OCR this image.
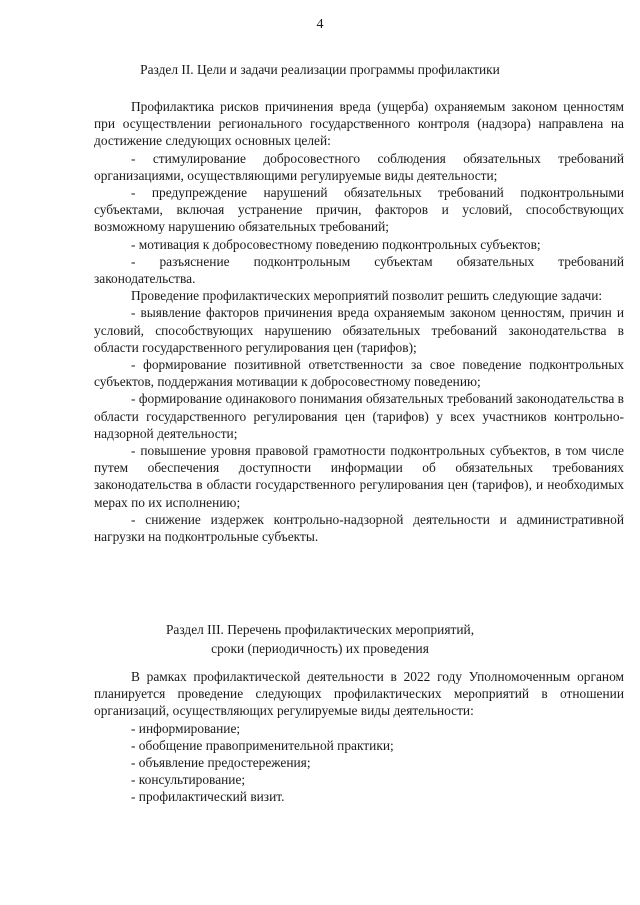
4
Раздел II. Цели и задачи реализации программы профилактики

Профилактика рисков причинения вреда (ущерба) охраняемым законом ценностям при осуществлении регионального государственного контроля (надзора) направлена на достижение следующих основных целей:

- стимулирование добросовестного соблюдения обязательных требований организациями, осуществляющими регулируемые виды деятельности;

- предупреждение нарушений обязательных требований подконтрольными субъектами, включая устранение причин, факторов и условий, способствующих возможному нарушению обязательных требований;

- мотивация к добросовестному поведению подконтрольных субъектов;

- разъяснение подконтрольным субъектам обязательных требований законодательства.

Проведение профилактических мероприятий позволит решить следующие задачи:

- выявление факторов причинения вреда охраняемым законом ценностям, причин и условий, способствующих нарушению обязательных требований законодательства в области государственного регулирования цен (тарифов);

- формирование позитивной ответственности за свое поведение подконтрольных субъектов, поддержания мотивации к добросовестному поведению;

- формирование одинакового понимания обязательных требований законодательства в области государственного регулирования цен (тарифов) у всех участников контрольно-надзорной деятельности;

- повышение уровня правовой грамотности подконтрольных субъектов, в том числе путем обеспечения доступности информации об обязательных требованиях законодательства в области государственного регулирования цен (тарифов), и необходимых мерах по их исполнению;

- снижение издержек контрольно-надзорной деятельности и административной нагрузки на подконтрольные субъекты.

Раздел III. Перечень профилактических мероприятий,
сроки (периодичность) их проведения

В рамках профилактической деятельности в 2022 году Уполномоченным органом планируется проведение следующих профилактических мероприятий в отношении организаций, осуществляющих регулируемые виды деятельности:

- информирование;

- обобщение правоприменительной практики;

- объявление предостережения;

- консультирование;

- профилактический визит.
